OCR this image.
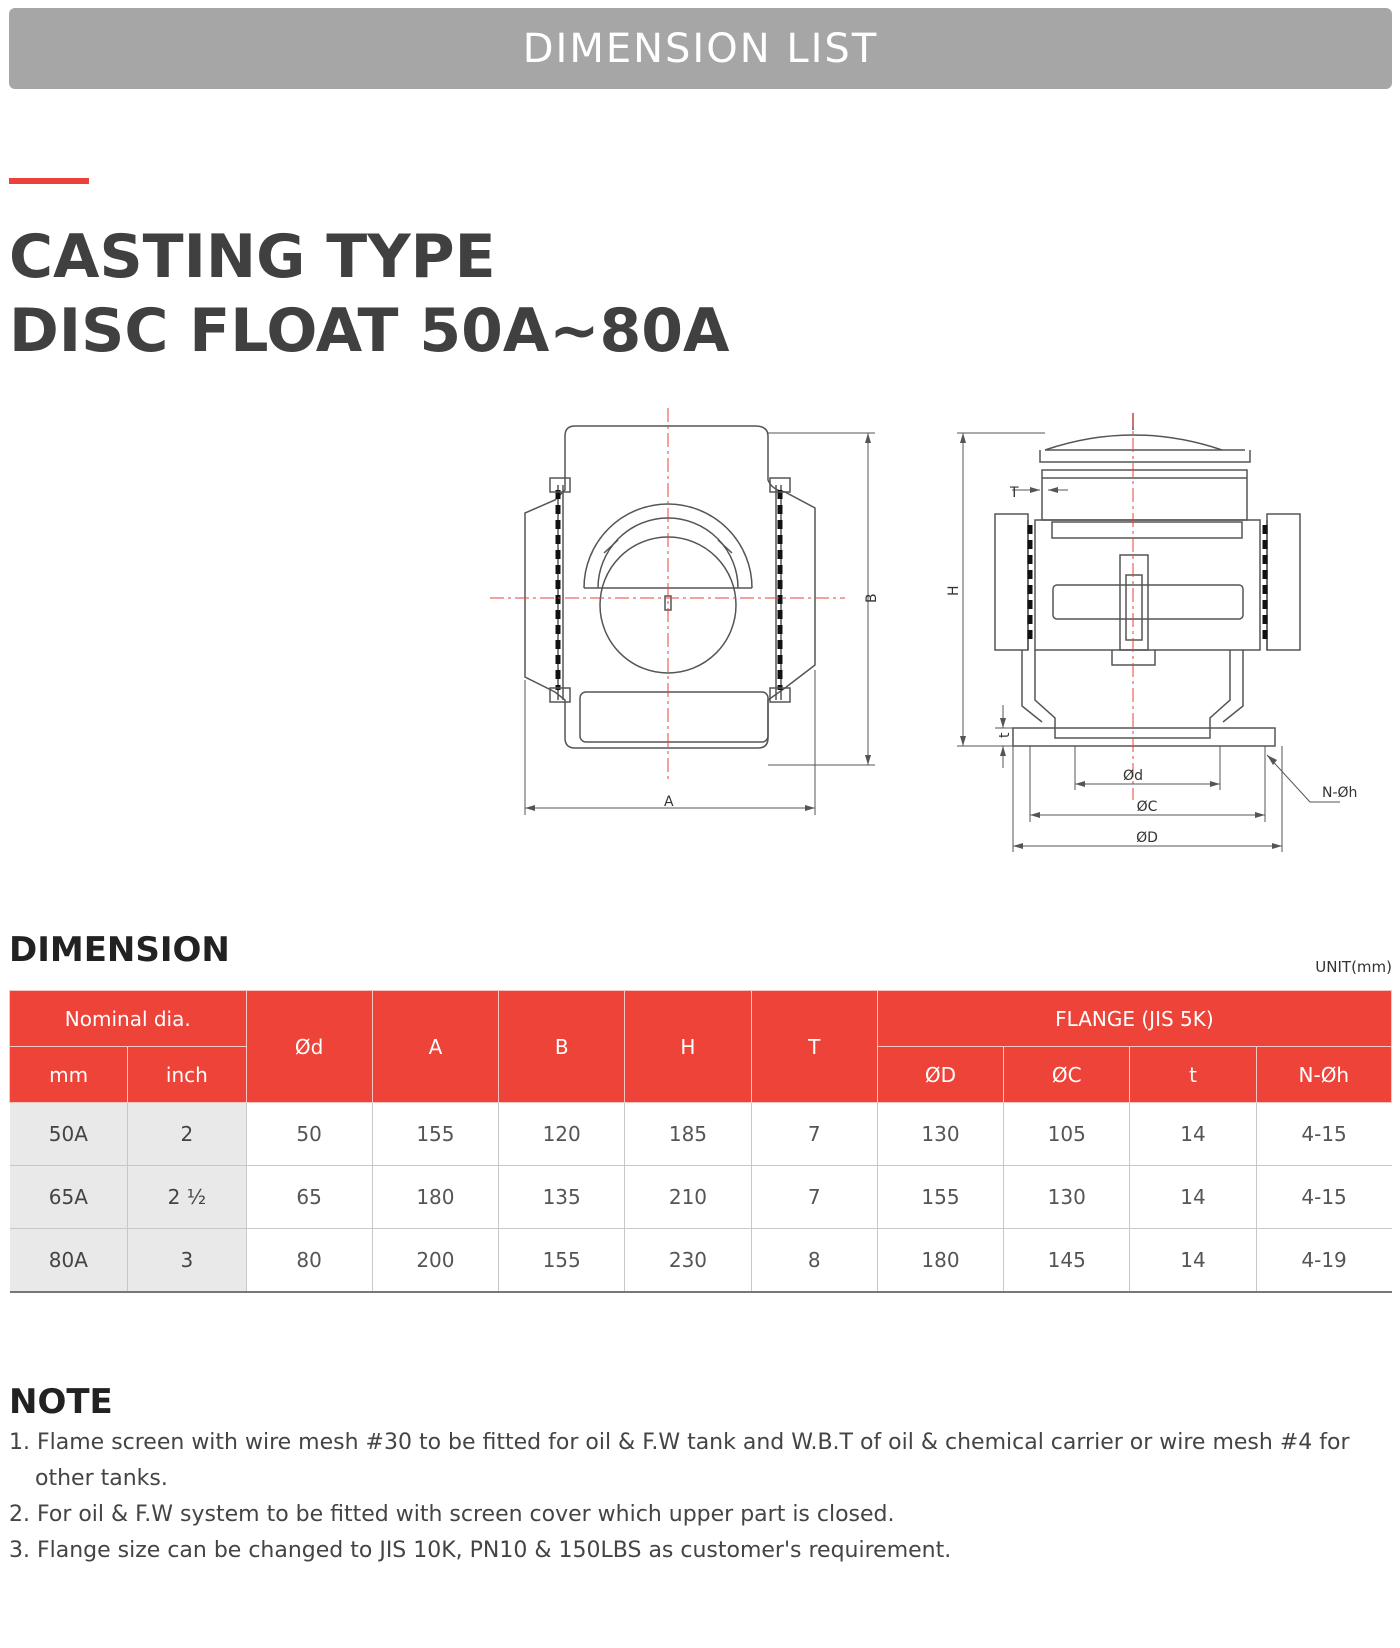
DIMENSION LIST
CASTING TYPE
DISC FLOAT 50A~80A
A
B
H
T
t
Ød
ØC
ØD
N-Øh
DIMENSION	UNIT(mm)
Nominal dia.		Ød	A	B	H	T	FLANGE (JIS 5K)			
mm	inch						ØD	ØC	t	N-Øh
50A	2	50	155	120	185	7	130	105	14	4-15
65A	2 ½	65	180	135	210	7	155	130	14	4-15
80A	3	80	200	155	230	8	180	145	14	4-19
NOTE
1. Flame screen with wire mesh #30 to be fitted for oil & F.W tank and W.B.T of oil & chemical carrier or wire mesh #4 for other tanks.
2. For oil & F.W system to be fitted with screen cover which upper part is closed.
3. Flange size can be changed to JIS 10K, PN10 & 150LBS as customer's requirement.
